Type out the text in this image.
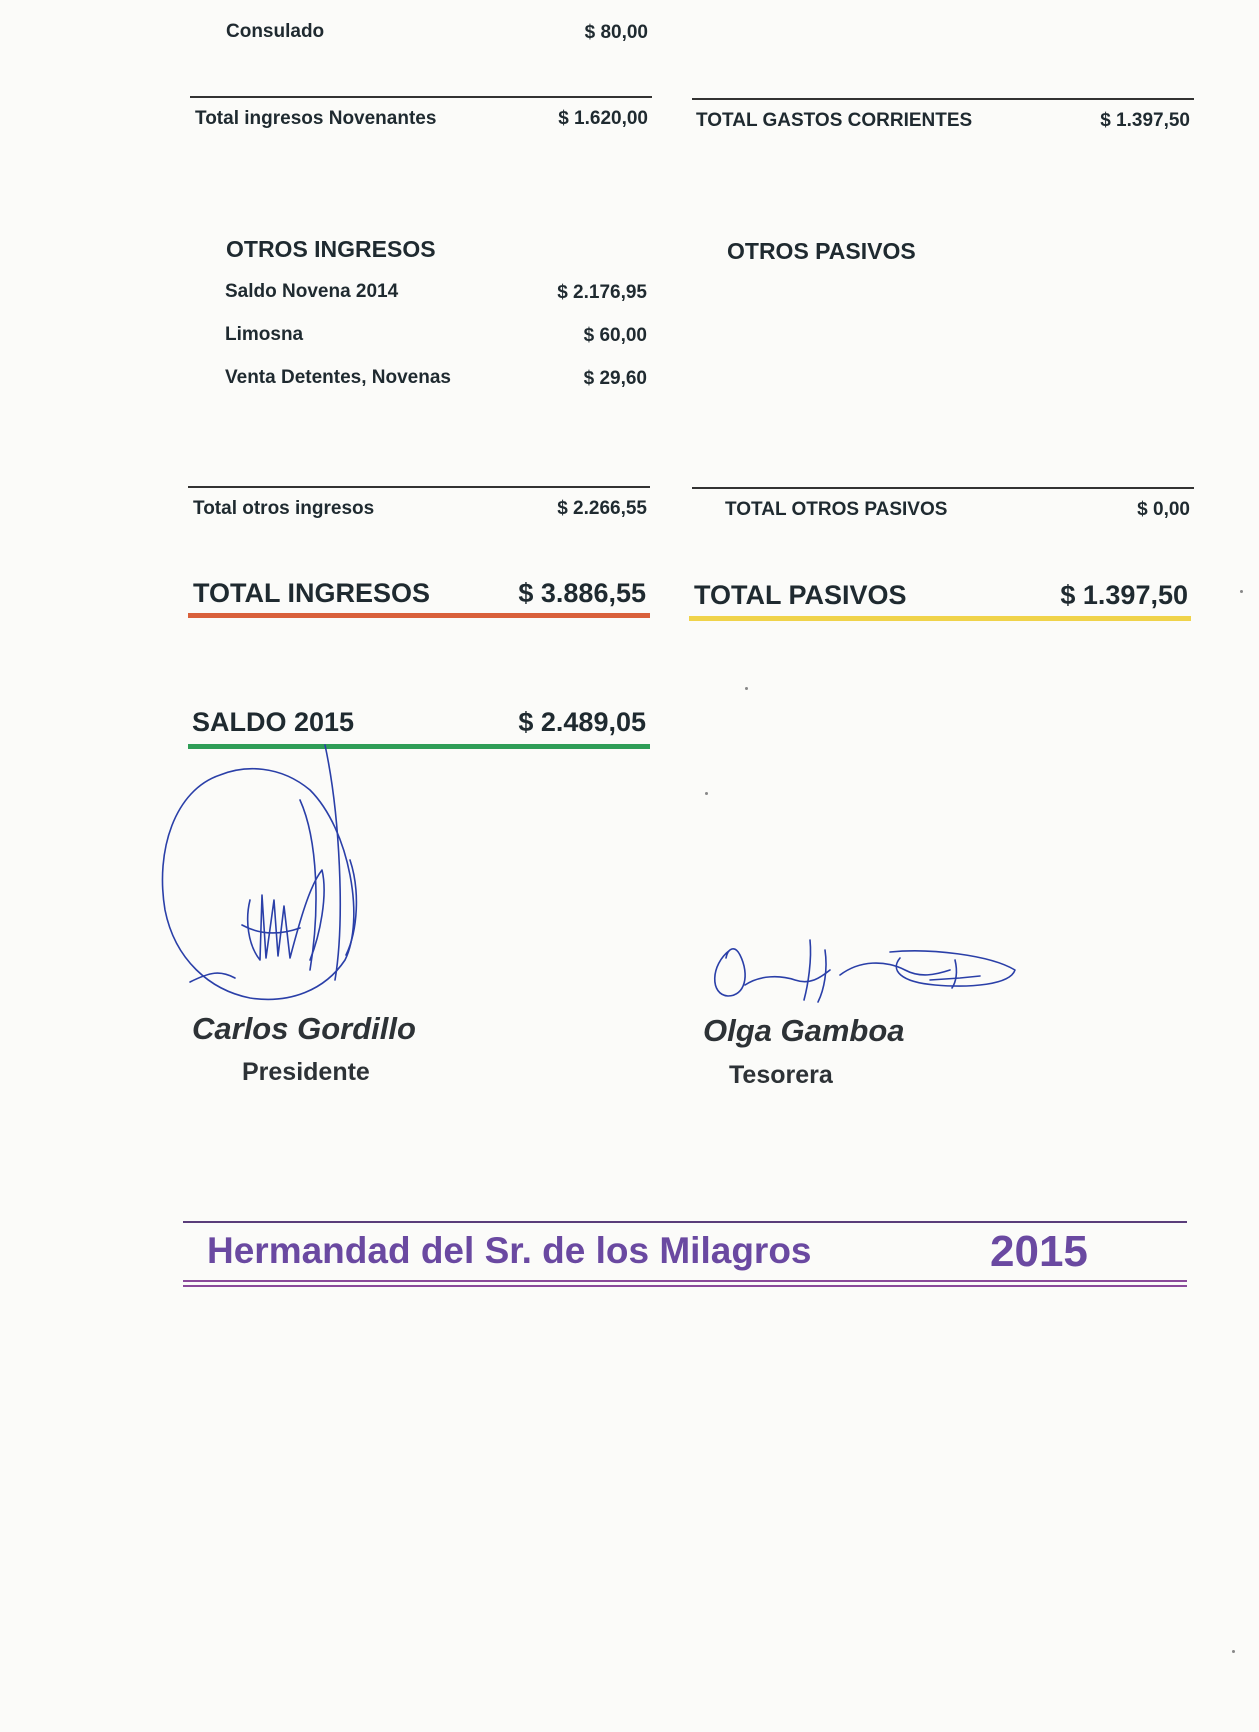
Consulado	$ 80,00
Total ingresos Novenantes	$ 1.620,00
OTROS INGRESOS
Saldo Novena 2014	$ 2.176,95
Limosna	$ 60,00
Venta Detentes, Novenas	$ 29,60
Total otros ingresos	$ 2.266,55
TOTAL INGRESOS	$ 3.886,55
TOTAL GASTOS CORRIENTES	$ 1.397,50
OTROS PASIVOS
TOTAL OTROS PASIVOS	$ 0,00
TOTAL PASIVOS	$ 1.397,50
SALDO 2015	$ 2.489,05
Carlos Gordillo
Presidente
Olga Gamboa
Tesorera
Hermandad del Sr. de los Milagros	2015
